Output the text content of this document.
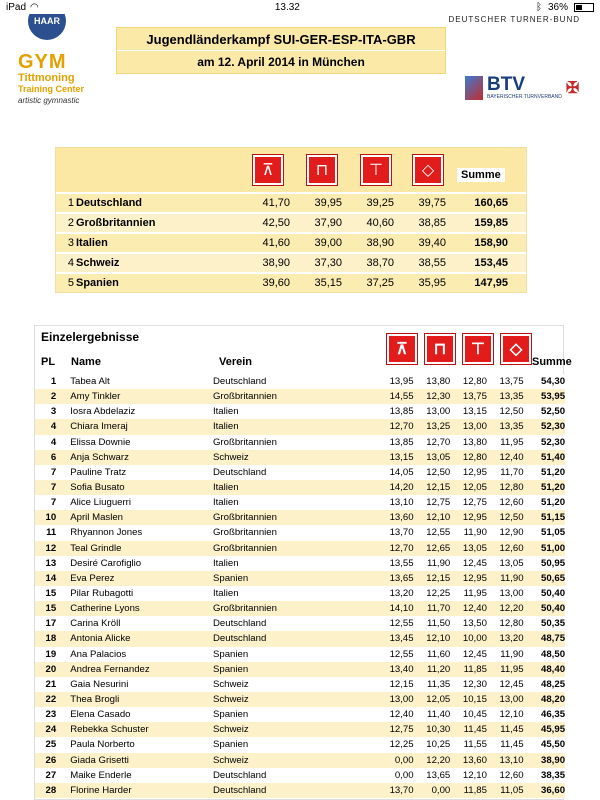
iPad ◠	13.32	ᛒ 36%
HAAR
GYM
Tittmoning
Training Center
artistic gymnastic
DEUTSCHER TURNER-BUND
BTV
BAYERISCHER TURNVERBAND ✠
Jugendländerkampf SUI-GER-ESP-ITA-GBR
am 12. April 2014 in München
⊼	⊓	⊤	◇	Summe
1 Deutschland	41,70	39,95	39,25	39,75	160,65
2 Großbritannien	42,50	37,90	40,60	38,85	159,85
3 Italien	41,60	39,00	38,90	39,40	158,90
4 Schweiz	38,90	37,30	38,70	38,55	153,45
5 Spanien	39,60	35,15	37,25	35,95	147,95
Einzelergebnisse
PL Name	Verein
⊼	⊓	⊤	◇
Summe
1	Tabea Alt	Deutschland	13,95	13,80	12,80	13,75	54,30
2	Amy Tinkler	Großbritannien	14,55	12,30	13,75	13,35	53,95
3	Iosra Abdelaziz	Italien	13,85	13,00	13,15	12,50	52,50
4	Chiara Imeraj	Italien	12,70	13,25	13,00	13,35	52,30
4	Elissa Downie	Großbritannien	13,85	12,70	13,80	11,95	52,30
6	Anja Schwarz	Schweiz	13,15	13,05	12,80	12,40	51,40
7	Pauline Tratz	Deutschland	14,05	12,50	12,95	11,70	51,20
7	Sofia Busato	Italien	14,20	12,15	12,05	12,80	51,20
7	Alice Liuguerri	Italien	13,10	12,75	12,75	12,60	51,20
10	April Maslen	Großbritannien	13,60	12,10	12,95	12,50	51,15
11	Rhyannon Jones	Großbritannien	13,70	12,55	11,90	12,90	51,05
12	Teal Grindle	Großbritannien	12,70	12,65	13,05	12,60	51,00
13	Desiré Carofiglio	Italien	13,55	11,90	12,45	13,05	50,95
14	Eva Perez	Spanien	13,65	12,15	12,95	11,90	50,65
15	Pilar Rubagotti	Italien	13,20	12,25	11,95	13,00	50,40
15	Catherine Lyons	Großbritannien	14,10	11,70	12,40	12,20	50,40
17	Carina Kröll	Deutschland	12,55	11,50	13,50	12,80	50,35
18	Antonia Alicke	Deutschland	13,45	12,10	10,00	13,20	48,75
19	Ana Palacios	Spanien	12,55	11,60	12,45	11,90	48,50
20	Andrea Fernandez	Spanien	13,40	11,20	11,85	11,95	48,40
21	Gaia Nesurini	Schweiz	12,15	11,35	12,30	12,45	48,25
22	Thea Brogli	Schweiz	13,00	12,05	10,15	13,00	48,20
23	Elena Casado	Spanien	12,40	11,40	10,45	12,10	46,35
24	Rebekka Schuster	Schweiz	12,75	10,30	11,45	11,45	45,95
25	Paula Norberto	Spanien	12,25	10,25	11,55	11,45	45,50
26	Giada Grisetti	Schweiz	0,00	12,20	13,60	13,10	38,90
27	Maike Enderle	Deutschland	0,00	13,65	12,10	12,60	38,35
28	Florine Harder	Deutschland	13,70	0,00	11,85	11,05	36,60
